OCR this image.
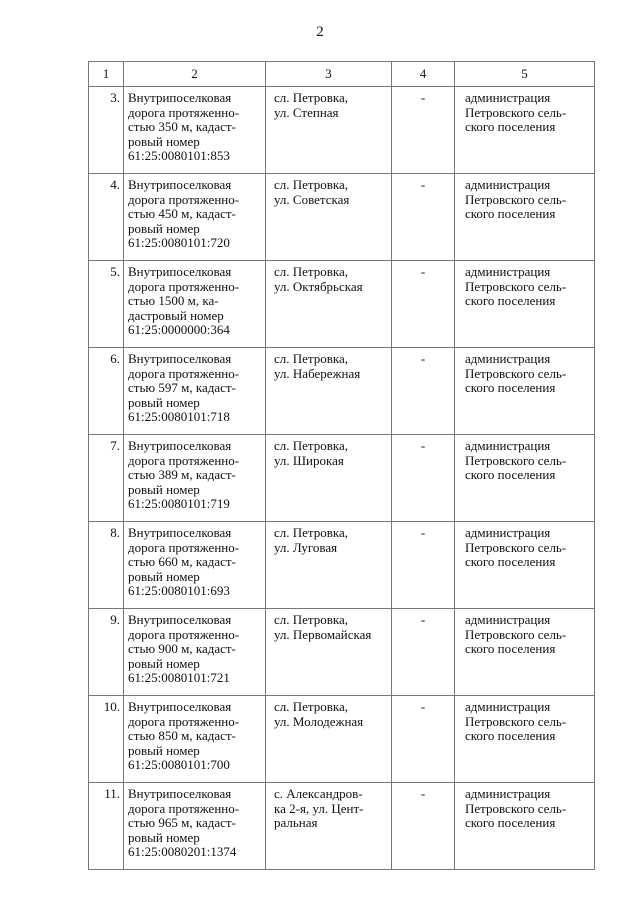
2
1	2	3	4	5

3.	Внутрипоселковая
дорога протяженно-
стью 350 м, кадаст-
ровый номер
61:25:0080101:853	сл. Петровка,
ул. Степная	-	администрация
Петровского сель-
ского поселения

4.	Внутрипоселковая
дорога протяженно-
стью 450 м, кадаст-
ровый номер
61:25:0080101:720	сл. Петровка,
ул. Советская	-	администрация
Петровского сель-
ского поселения

5.	Внутрипоселковая
дорога протяженно-
стью 1500 м, ка-
дастровый номер
61:25:0000000:364	сл. Петровка,
ул. Октябрьская	-	администрация
Петровского сель-
ского поселения

6.	Внутрипоселковая
дорога протяженно-
стью 597 м, кадаст-
ровый номер
61:25:0080101:718	сл. Петровка,
ул. Набережная	-	администрация
Петровского сель-
ского поселения

7.	Внутрипоселковая
дорога протяженно-
стью 389 м, кадаст-
ровый номер
61:25:0080101:719	сл. Петровка,
ул. Широкая	-	администрация
Петровского сель-
ского поселения

8.	Внутрипоселковая
дорога протяженно-
стью 660 м, кадаст-
ровый номер
61:25:0080101:693	сл. Петровка,
ул. Луговая	-	администрация
Петровского сель-
ского поселения

9.	Внутрипоселковая
дорога протяженно-
стью 900 м, кадаст-
ровый номер
61:25:0080101:721	сл. Петровка,
ул. Первомайская	-	администрация
Петровского сель-
ского поселения

10.	Внутрипоселковая
дорога протяженно-
стью 850 м, кадаст-
ровый номер
61:25:0080101:700	сл. Петровка,
ул. Молодежная	-	администрация
Петровского сель-
ского поселения

11.	Внутрипоселковая
дорога протяженно-
стью 965 м, кадаст-
ровый номер
61:25:0080201:1374	с. Александров-
ка 2-я, ул. Цент-
ральная	-	администрация
Петровского сель-
ского поселения
